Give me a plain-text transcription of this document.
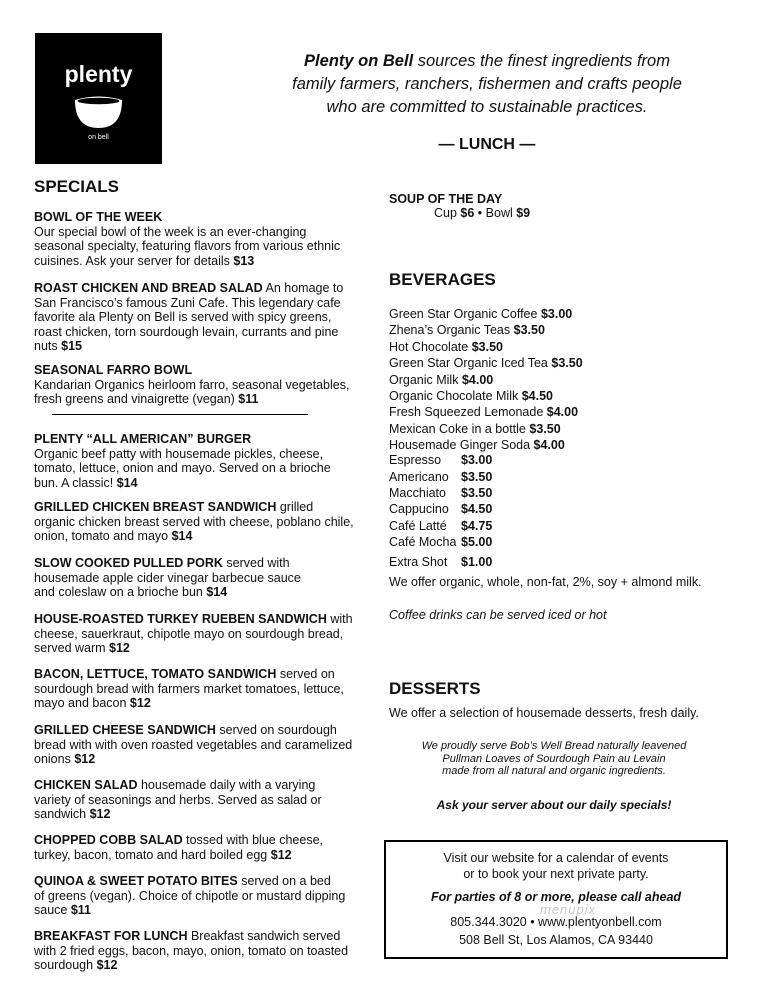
plenty
on bell
Plenty on Bell sources the finest ingredients from
family farmers, ranchers, fishermen and crafts people
who are committed to sustainable practices.
— LUNCH —
SPECIALS
BOWL OF THE WEEK
Our special bowl of the week is an ever-changing
seasonal specialty, featuring flavors from various ethnic
cuisines. Ask your server for details $13
ROAST CHICKEN AND BREAD SALAD An homage to
San Francisco’s famous Zuni Cafe. This legendary cafe
favorite ala Plenty on Bell is served with spicy greens,
roast chicken, torn sourdough levain, currants and pine
nuts $15
SEASONAL FARRO BOWL
Kandarian Organics heirloom farro, seasonal vegetables,
fresh greens and vinaigrette (vegan) $11
PLENTY “ALL AMERICAN” BURGER
Organic beef patty with housemade pickles, cheese,
tomato, lettuce, onion and mayo. Served on a brioche
bun. A classic! $14
GRILLED CHICKEN BREAST SANDWICH grilled
organic chicken breast served with cheese, poblano chile,
onion, tomato and mayo $14
SLOW COOKED PULLED PORK served with
housemade apple cider vinegar barbecue sauce
and coleslaw on a brioche bun $14
HOUSE-ROASTED TURKEY RUEBEN SANDWICH with
cheese, sauerkraut, chipotle mayo on sourdough bread,
served warm $12
BACON, LETTUCE, TOMATO SANDWICH served on
sourdough bread with farmers market tomatoes, lettuce,
mayo and bacon $12
GRILLED CHEESE SANDWICH served on sourdough
bread with with oven roasted vegetables and caramelized
onions $12
CHICKEN SALAD housemade daily with a varying
variety of seasonings and herbs. Served as salad or
sandwich $12
CHOPPED COBB SALAD tossed with blue cheese,
turkey, bacon, tomato and hard boiled egg $12
QUINOA & SWEET POTATO BITES served on a bed
of greens (vegan). Choice of chipotle or mustard dipping
sauce $11
BREAKFAST FOR LUNCH Breakfast sandwich served
with 2 fried eggs, bacon, mayo, onion, tomato on toasted
sourdough $12
SOUP OF THE DAY
Cup $6 • Bowl $9
BEVERAGES
Green Star Organic Coffee $3.00
Zhena’s Organic Teas $3.50
Hot Chocolate $3.50
Green Star Organic Iced Tea $3.50
Organic Milk $4.00
Organic Chocolate Milk $4.50
Fresh Squeezed Lemonade $4.00
Mexican Coke in a bottle $3.50
Housemade Ginger Soda $4.00
Espresso $3.00
Americano $3.50
Macchiato $3.50
Cappucino $4.50
Café Latté $4.75
Café Mocha $5.00
Extra Shot $1.00
We offer organic, whole, non-fat, 2%, soy + almond milk.
Coffee drinks can be served iced or hot
DESSERTS
We offer a selection of housemade desserts, fresh daily.
We proudly serve Bob’s Well Bread naturally leavened
Pullman Loaves of Sourdough Pain au Levain
made from all natural and organic ingredients.
Ask your server about our daily specials!
Visit our website for a calendar of events
or to book your next private party.
For parties of 8 or more, please call ahead
805.344.3020 • www.plentyonbell.com
508 Bell St, Los Alamos, CA 93440
menupix
